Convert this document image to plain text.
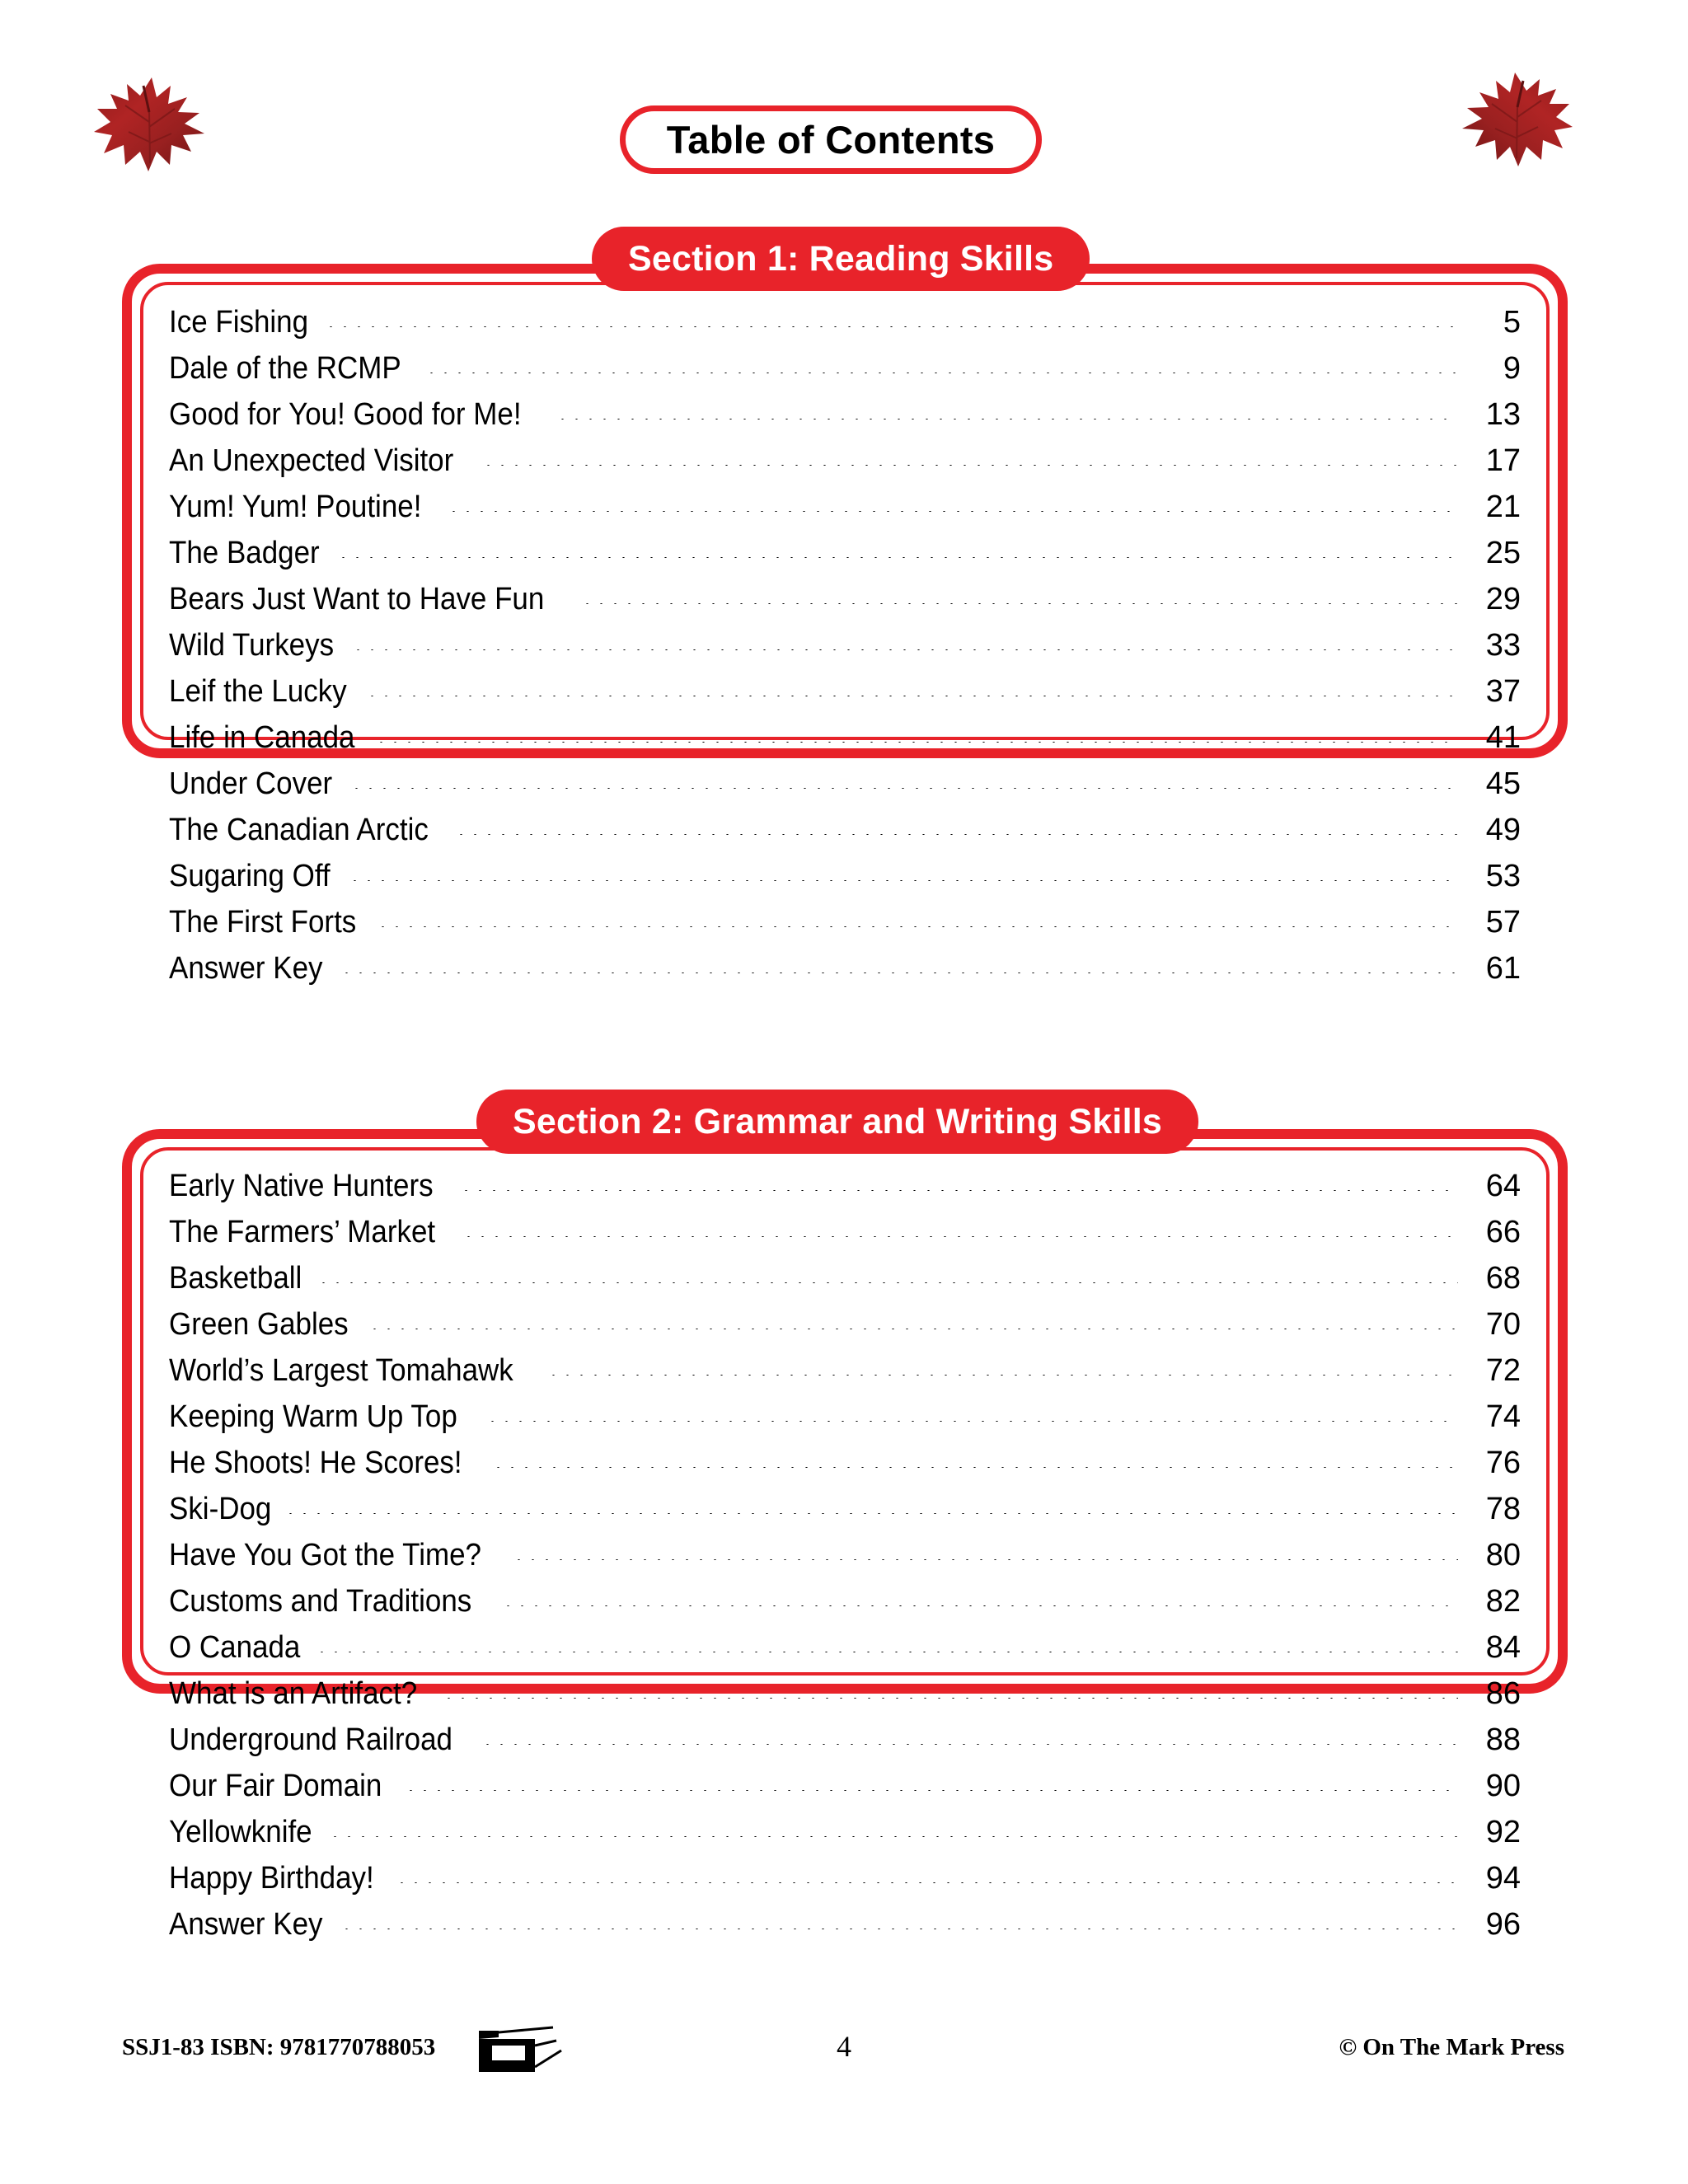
Table of Contents
Section 1: Reading Skills
Ice Fishing	5
Dale of the RCMP	9
Good for You! Good for Me!	13
An Unexpected Visitor	17
Yum! Yum! Poutine!	21
The Badger	25
Bears Just Want to Have Fun	29
Wild Turkeys	33
Leif the Lucky	37
Life in Canada	41
Under Cover	45
The Canadian Arctic	49
Sugaring Off	53
The First Forts	57
Answer Key	61
Section 2: Grammar and Writing Skills
Early Native Hunters	64
The Farmers’ Market	66
Basketball	68
Green Gables	70
World’s Largest Tomahawk	72
Keeping Warm Up Top	74
He Shoots! He Scores!	76
Ski-Dog	78
Have You Got the Time?	80
Customs and Traditions	82
O Canada	84
What is an Artifact?	86
Underground Railroad	88
Our Fair Domain	90
Yellowknife	92
Happy Birthday!	94
Answer Key	96
SSJ1-83 ISBN: 9781770788053	4	© On The Mark Press
